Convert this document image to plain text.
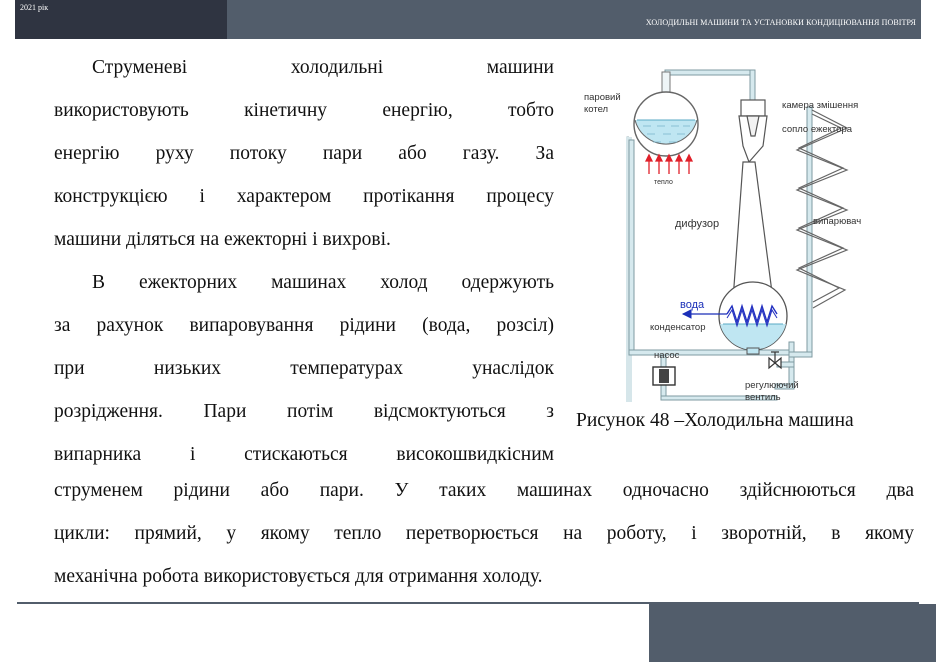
2021 рік
ХОЛОДИЛЬНІ МАШИНИ ТА УСТАНОВКИ КОНДИЦІЮВАННЯ ПОВІТРЯ
Струменеві холодильні машини
використовують кінетичну енергію, тобто
енергію руху потоку пари або газу. За
конструкцією і характером протікання процесу
машини діляться на ежекторні і вихрові.
В ежекторних машинах холод одержують
за рахунок випаровування рідини (вода, розсіл)
при низьких температурах унаслідок
розрідження. Пари потім відсмоктуються з
випарника і стискаються високошвидкісним
струменем рідини або пари. У таких машинах одночасно здійснюються два
цикли: прямий, у якому тепло перетворюється на роботу, і зворотній, в якому
механічна робота використовується для отримання холоду.
паровий
котел
тепло
камера змішення
сопло ежектора
дифузор	випарювач
вода
конденсатор
насос
регулюючий
вентиль
Рисунок 48 –Холодильна машина
